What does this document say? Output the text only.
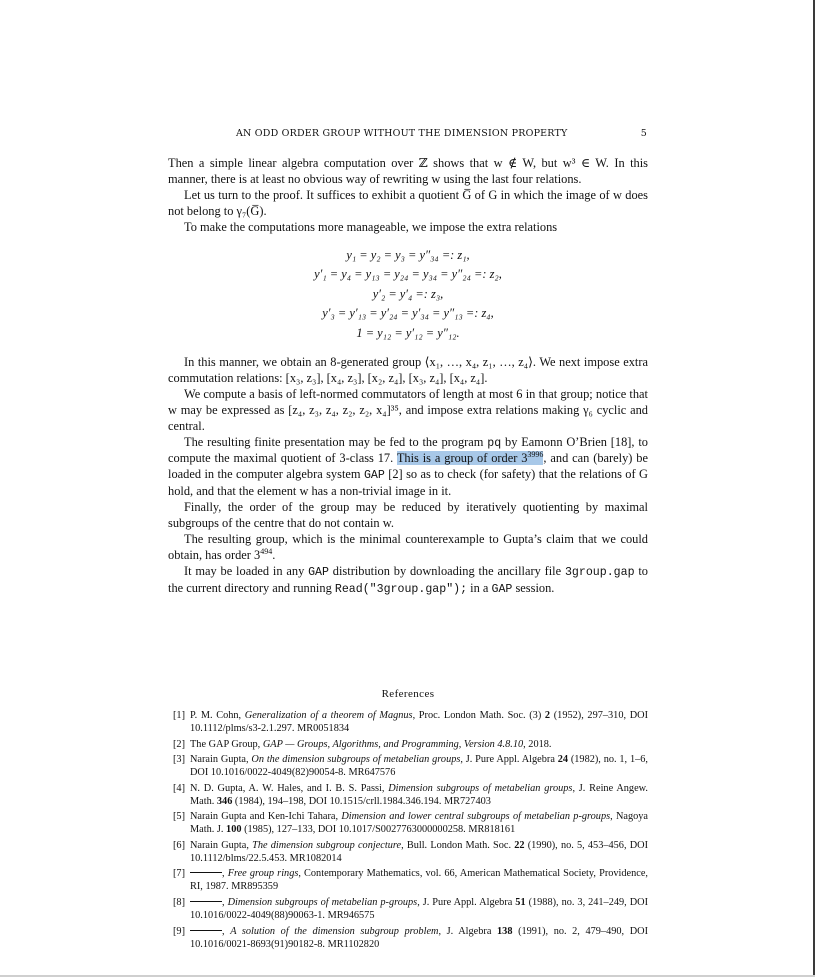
AN ODD ORDER GROUP WITHOUT THE DIMENSION PROPERTY	5

Then a simple linear algebra computation over ℤ shows that w ∉ W, but w³ ∈ W. In this manner, there is at least no obvious way of rewriting w using the last four relations.

Let us turn to the proof. It suffices to exhibit a quotient G̅ of G in which the image of w does not belong to γ₇(G̅).

To make the computations more manageable, we impose the extra relations

y₁ = y₂ = y₃ = y″₃₄ =: z₁,
y′₁ = y₄ = y₁₃ = y₂₄ = y₃₄ = y″₂₄ =: z₂,
y′₂ = y′₄ =: z₃,
y′₃ = y′₁₃ = y′₂₄ = y′₃₄ = y″₁₃ =: z₄,
1 = y₁₂ = y′₁₂ = y″₁₂.

In this manner, we obtain an 8-generated group ⟨x₁, …, x₄, z₁, …, z₄⟩. We next impose extra commutation relations: [x₃, z₃], [x₄, z₃], [x₂, z₄], [x₃, z₄], [x₄, z₄].

We compute a basis of left-normed commutators of length at most 6 in that group; notice that w may be expressed as [z₄, z₃, z₄, z₂, z₂, x₄]³⁵, and impose extra relations making γ₆ cyclic and central.

The resulting finite presentation may be fed to the program pq by Eamonn O’Brien [18], to compute the maximal quotient of 3-class 17. This is a group of order $3^{3996}$, and can (barely) be loaded in the computer algebra system GAP [2] so as to check (for safety) that the relations of G hold, and that the element w has a non-trivial image in it.

Finally, the order of the group may be reduced by iteratively quotienting by maximal subgroups of the centre that do not contain w.

The resulting group, which is the minimal counterexample to Gupta’s claim that we could obtain, has order $3^{494}$.

It may be loaded in any GAP distribution by downloading the ancillary file 3group.gap to the current directory and running Read("3group.gap"); in a GAP session.

References
[1] P. M. Cohn, Generalization of a theorem of Magnus, Proc. London Math. Soc. (3) 2 (1952), 297–310, DOI 10.1112/plms/s3-2.1.297. MR0051834
[2] The GAP Group, GAP — Groups, Algorithms, and Programming, Version 4.8.10, 2018.
[3] Narain Gupta, On the dimension subgroups of metabelian groups, J. Pure Appl. Algebra 24 (1982), no. 1, 1–6, DOI 10.1016/0022-4049(82)90054-8. MR647576
[4] N. D. Gupta, A. W. Hales, and I. B. S. Passi, Dimension subgroups of metabelian groups, J. Reine Angew. Math. 346 (1984), 194–198, DOI 10.1515/crll.1984.346.194. MR727403
[5] Narain Gupta and Ken-Ichi Tahara, Dimension and lower central subgroups of metabelian p-groups, Nagoya Math. J. 100 (1985), 127–133, DOI 10.1017/S0027763000000258. MR818161
[6] Narain Gupta, The dimension subgroup conjecture, Bull. London Math. Soc. 22 (1990), no. 5, 453–456, DOI 10.1112/blms/22.5.453. MR1082014
[7]	, Free group rings, Contemporary Mathematics, vol. 66, American Mathematical Society, Providence, RI, 1987. MR895359
[8]	, Dimension subgroups of metabelian p-groups, J. Pure Appl. Algebra 51 (1988), no. 3, 241–249, DOI 10.1016/0022-4049(88)90063-1. MR946575
[9]	, A solution of the dimension subgroup problem, J. Algebra 138 (1991), no. 2, 479–490, DOI 10.1016/0021-8693(91)90182-8. MR1102820
